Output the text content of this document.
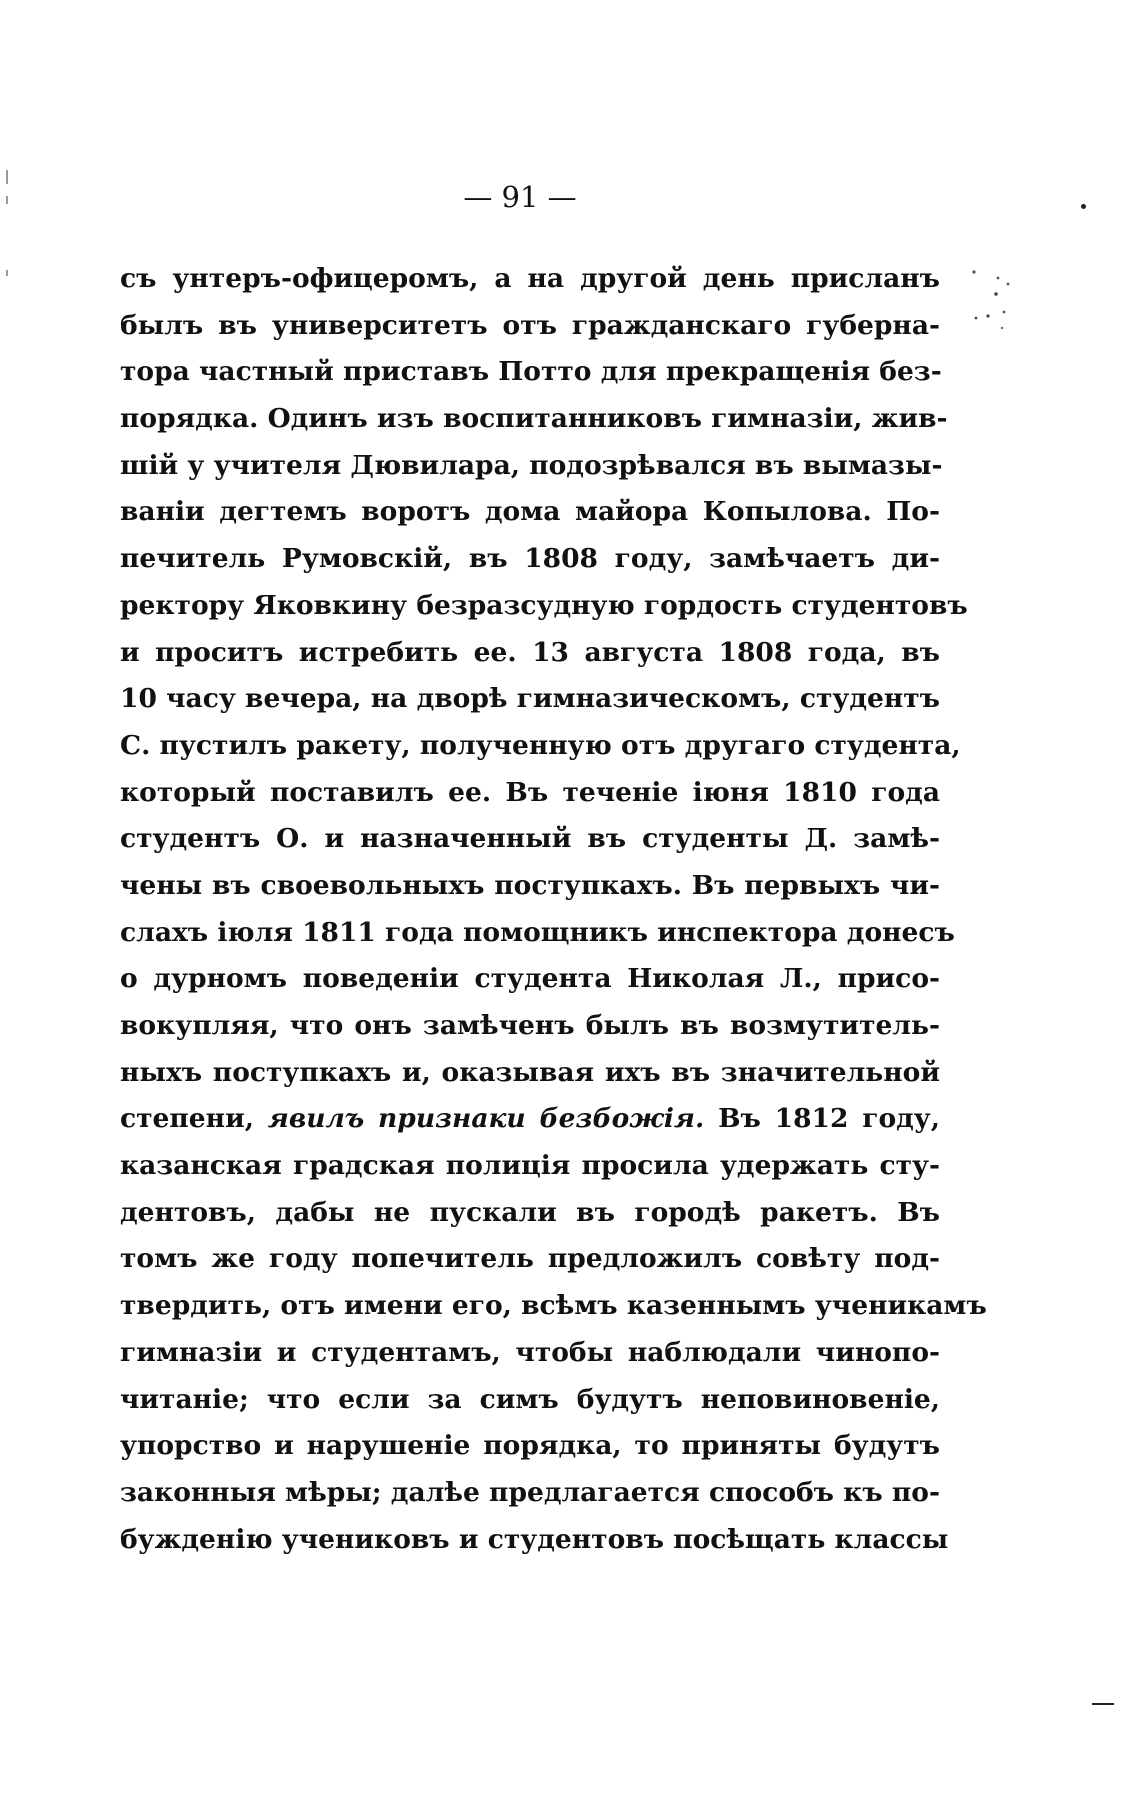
— 91 —
съ унтеръ-офицеромъ, а на другой день присланъ
былъ въ университетъ отъ гражданскаго губерна-
тора частный приставъ Потто для прекращенія без-
порядка. Одинъ изъ воспитанниковъ гимназіи, жив-
шій у учителя Дювилара, подозрѣвался въ вымазы-
ваніи дегтемъ воротъ дома майора Копылова. По-
печитель Румовскій, въ 1808 году, замѣчаетъ ди-
ректору Яковкину безразсудную гордость студентовъ
и проситъ истребить ее. 13 августа 1808 года, въ
10 часу вечера, на дворѣ гимназическомъ, студентъ
С. пустилъ ракету, полученную отъ другаго студента,
который поставилъ ее. Въ теченіе іюня 1810 года
студентъ О. и назначенный въ студенты Д. замѣ-
чены въ своевольныхъ поступкахъ. Въ первыхъ чи-
слахъ іюля 1811 года помощникъ инспектора донесъ
о дурномъ поведеніи студента Николая Л., присо-
вокупляя, что онъ замѣченъ былъ въ возмутитель-
ныхъ поступкахъ и, оказывая ихъ въ значительной
степени, явилъ признаки безбожія. Въ 1812 году,
казанская градская полиція просила удержать сту-
дентовъ, дабы не пускали въ городѣ ракетъ. Въ
томъ же году попечитель предложилъ совѣту под-
твердить, отъ имени его, всѣмъ казеннымъ ученикамъ
гимназіи и студентамъ, чтобы наблюдали чинопо-
читаніе; что если за симъ будутъ неповиновеніе,
упорство и нарушеніе порядка, то приняты будутъ
законныя мѣры; далѣе предлагается способъ къ по-
бужденію учениковъ и студентовъ посѣщать классы
